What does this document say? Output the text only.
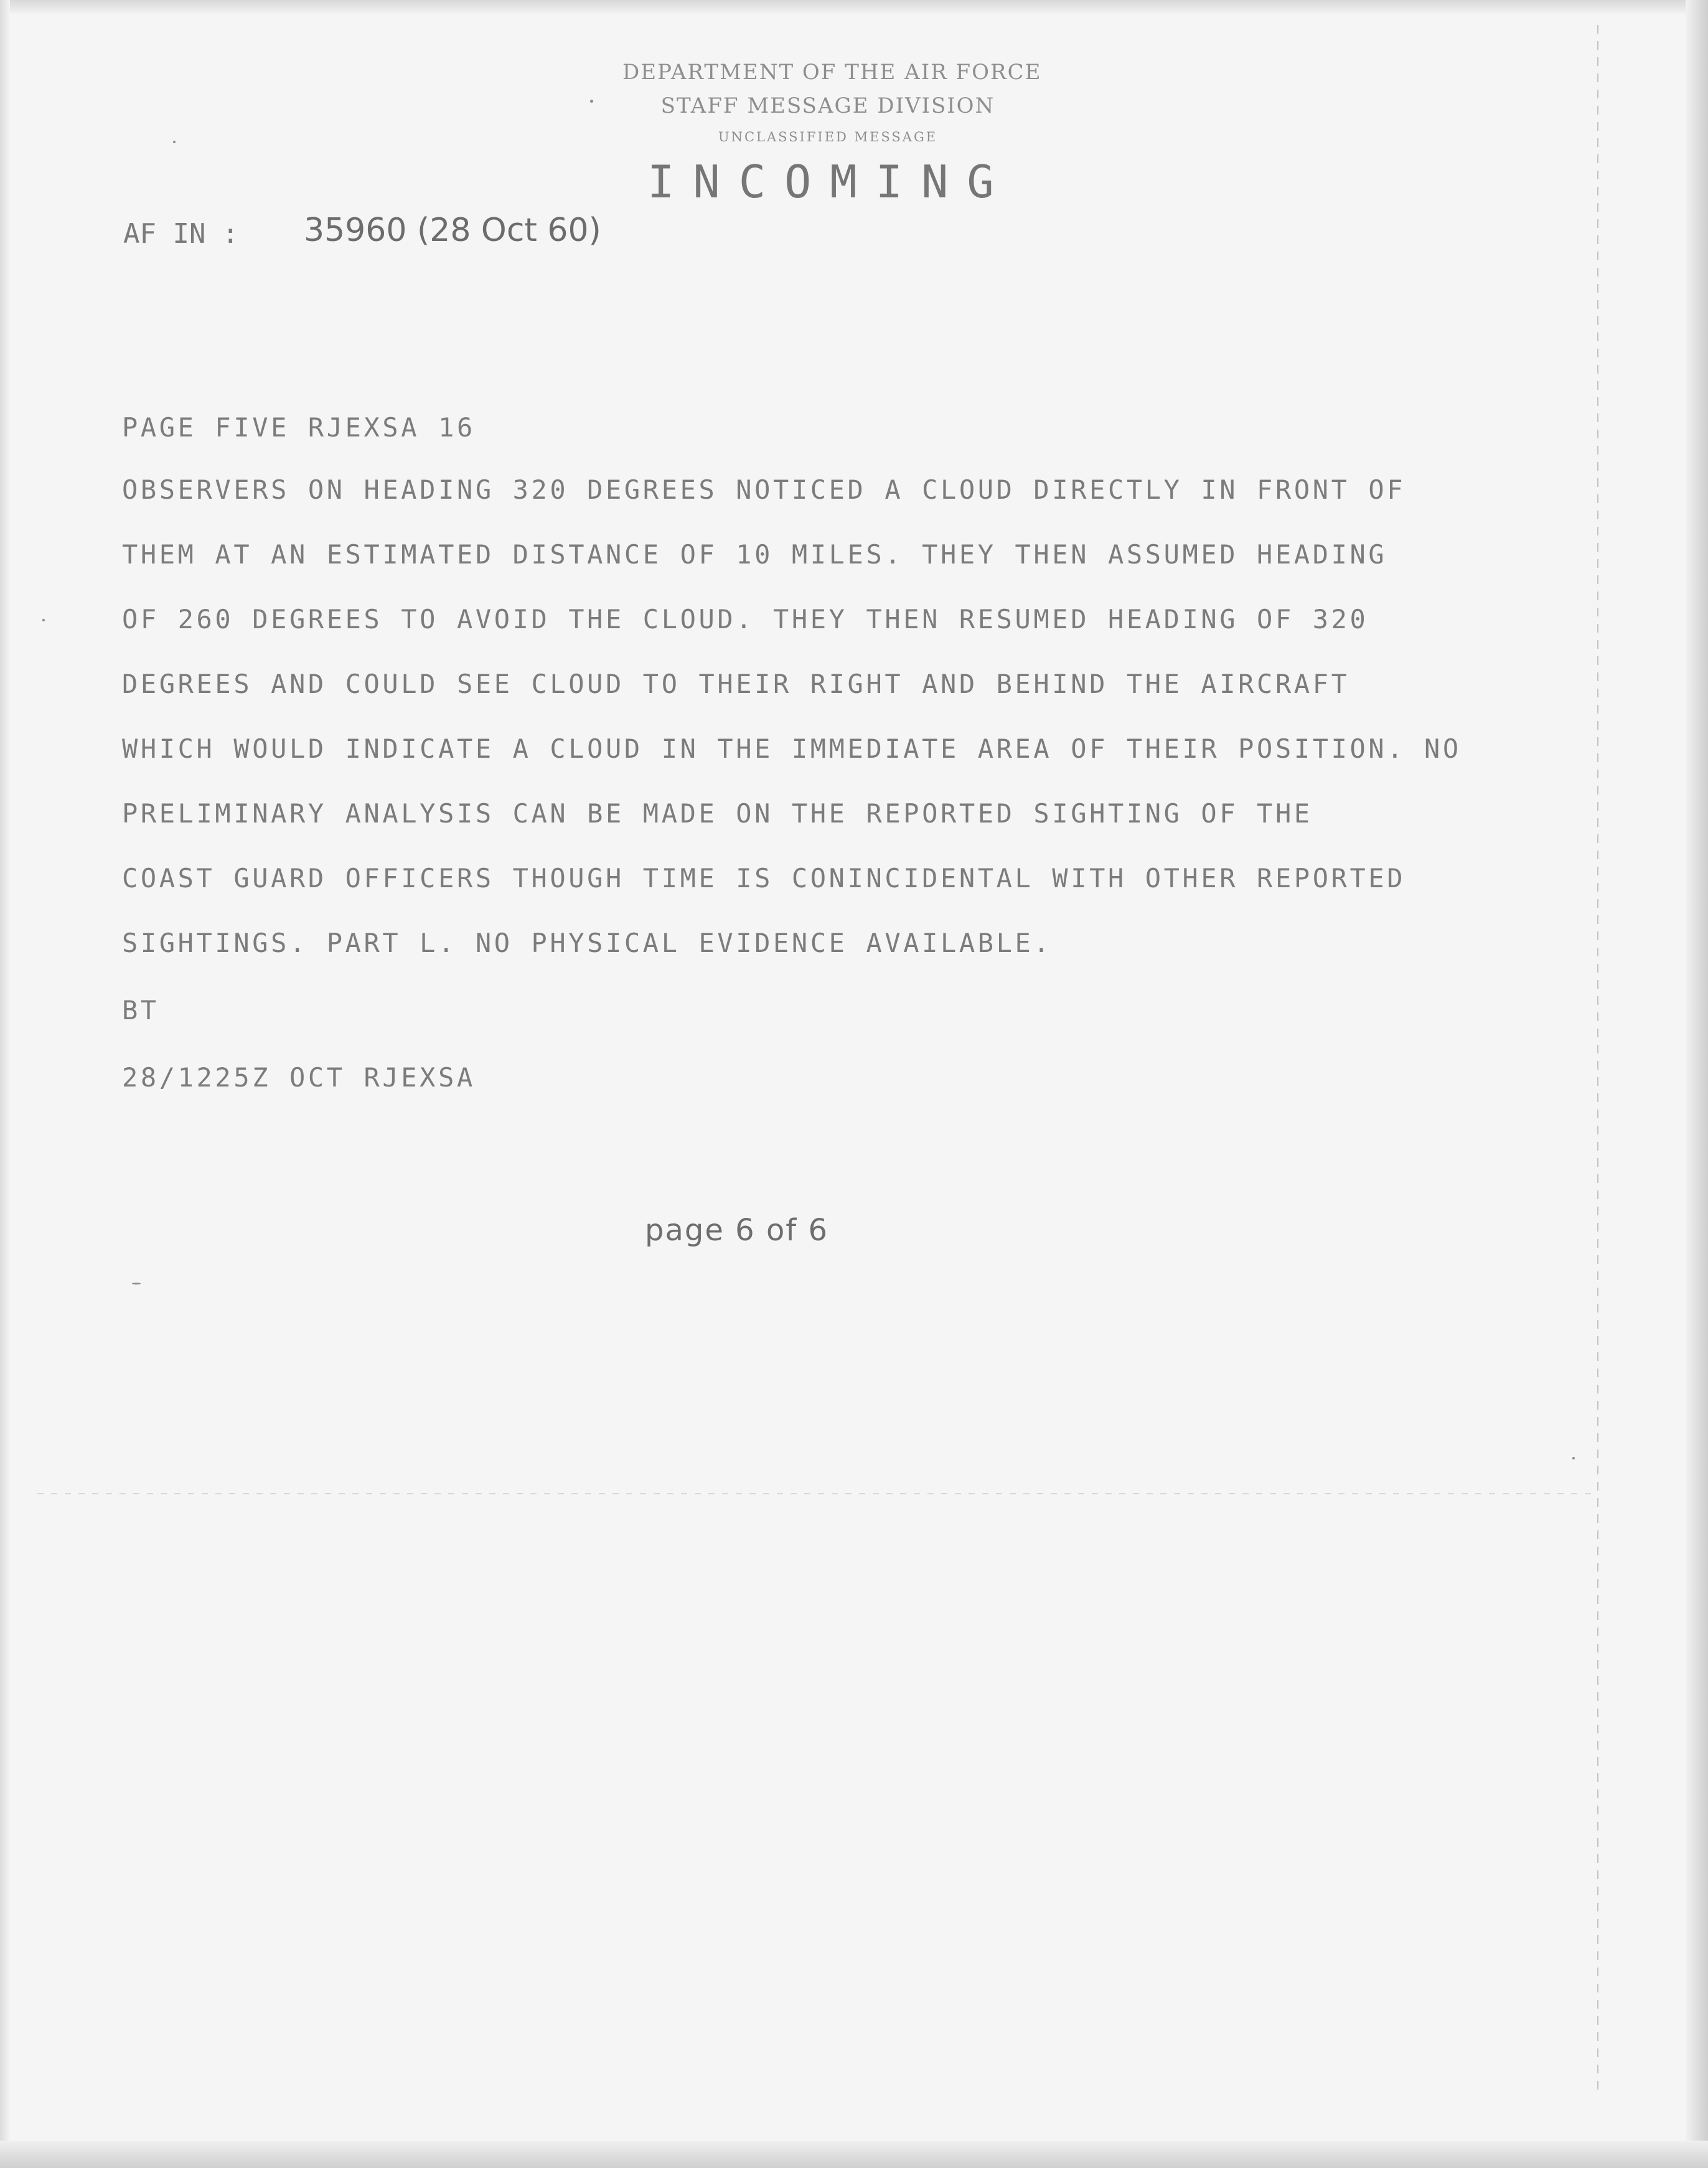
DEPARTMENT OF THE AIR FORCE
STAFF MESSAGE DIVISION
UNCLASSIFIED MESSAGE
INCOMING
AF IN : 35960 (28 Oct 60)
PAGE FIVE RJEXSA 16
OBSERVERS ON HEADING 320 DEGREES NOTICED A CLOUD DIRECTLY IN FRONT OF
THEM AT AN ESTIMATED DISTANCE OF 10 MILES. THEY THEN ASSUMED HEADING
OF 260 DEGREES TO AVOID THE CLOUD. THEY THEN RESUMED HEADING OF 320
DEGREES AND COULD SEE CLOUD TO THEIR RIGHT AND BEHIND THE AIRCRAFT
WHICH WOULD INDICATE A CLOUD IN THE IMMEDIATE AREA OF THEIR POSITION. NO
PRELIMINARY ANALYSIS CAN BE MADE ON THE REPORTED SIGHTING OF THE
COAST GUARD OFFICERS THOUGH TIME IS CONINCIDENTAL WITH OTHER REPORTED
SIGHTINGS. PART L. NO PHYSICAL EVIDENCE AVAILABLE.
BT
28/1225Z OCT RJEXSA
page 6 of 6
